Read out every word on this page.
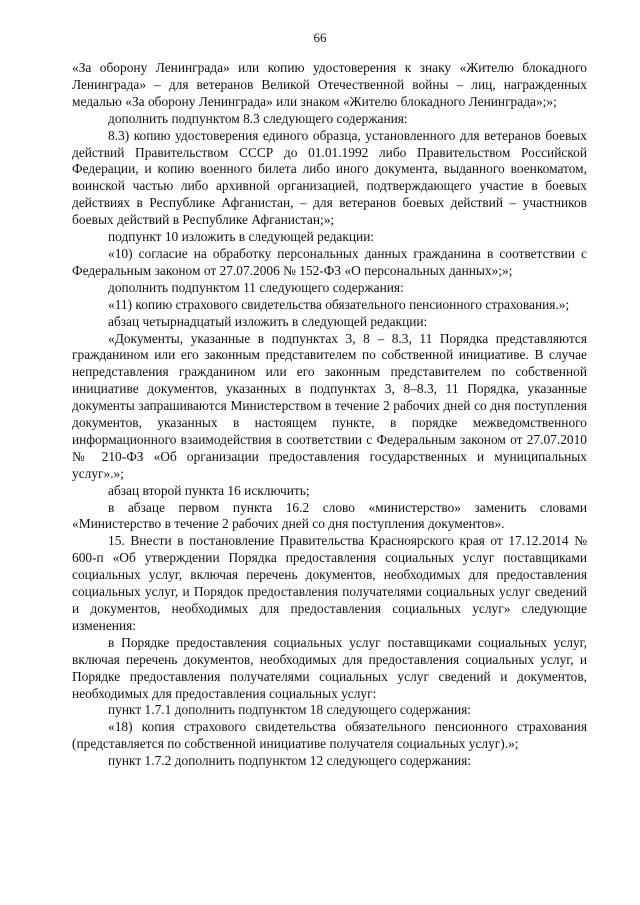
66

«За оборону Ленинграда» или копию удостоверения к знаку «Жителю блокадного Ленинграда» – для ветеранов Великой Отечественной войны – лиц, награжденных медалью «За оборону Ленинграда» или знаком «Жителю блокадного Ленинграда»;»;

дополнить подпунктом 8.3 следующего содержания:

8.3) копию удостоверения единого образца, установленного для ветеранов боевых действий Правительством СССР до 01.01.1992 либо Правительством Российской Федерации, и копию военного билета либо иного документа, выданного военкоматом, воинской частью либо архивной организацией, подтверждающего участие в боевых действиях в Республике Афганистан, – для ветеранов боевых действий – участников боевых действий в Республике Афганистан;»;

подпункт 10 изложить в следующей редакции:

«10) согласие на обработку персональных данных гражданина в соответствии с Федеральным законом от 27.07.2006 № 152-ФЗ «О персональных данных»;»;

дополнить подпунктом 11 следующего содержания:

«11) копию страхового свидетельства обязательного пенсионного страхования.»;

абзац четырнадцатый изложить в следующей редакции:

«Документы, указанные в подпунктах 3, 8 – 8.3, 11 Порядка представляются гражданином или его законным представителем по собственной инициативе. В случае непредставления гражданином или его законным представителем по собственной инициативе документов, указанных в подпунктах 3, 8–8.3, 11 Порядка, указанные документы запрашиваются Министерством в течение 2 рабочих дней со дня поступления документов, указанных в настоящем пункте, в порядке межведомственного информационного взаимодействия в соответствии с Федеральным законом от 27.07.2010 № 210-ФЗ «Об организации предоставления государственных и муниципальных услуг».»;

абзац второй пункта 16 исключить;

в абзаце первом пункта 16.2 слово «министерство» заменить словами «Министерство в течение 2 рабочих дней со дня поступления документов».

15. Внести в постановление Правительства Красноярского края от 17.12.2014 № 600-п «Об утверждении Порядка предоставления социальных услуг поставщиками социальных услуг, включая перечень документов, необходимых для предоставления социальных услуг, и Порядок предоставления получателями социальных услуг сведений и документов, необходимых для предоставления социальных услуг» следующие изменения:

в Порядке предоставления социальных услуг поставщиками социальных услуг, включая перечень документов, необходимых для предоставления социальных услуг, и Порядке предоставления получателями социальных услуг сведений и документов, необходимых для предоставления социальных услуг:

пункт 1.7.1 дополнить подпунктом 18 следующего содержания:

«18) копия страхового свидетельства обязательного пенсионного страхования (представляется по собственной инициативе получателя социальных услуг).»;

пункт 1.7.2 дополнить подпунктом 12 следующего содержания:
